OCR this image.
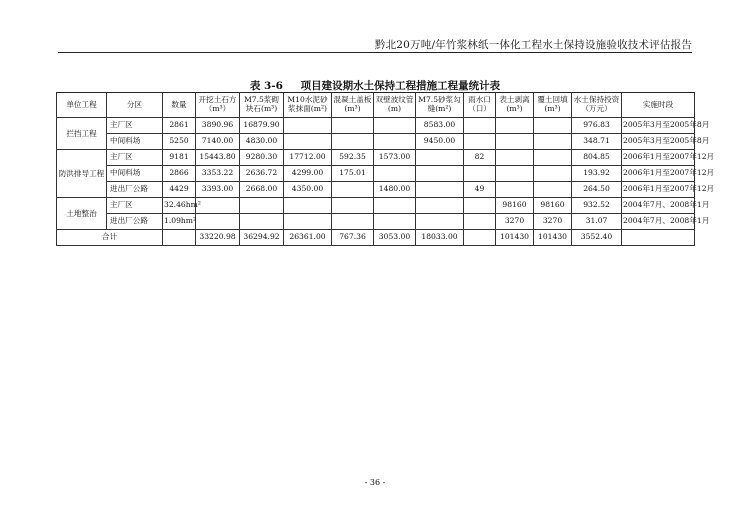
黔北20万吨/年竹浆林纸一体化工程水土保持设施验收技术评估报告
表 3-6 项目建设期水土保持工程措施工程量统计表
单位工程	分区	数量	开挖土石方（m³）	M7.5浆砌块石(m³)	M10水泥砂浆抹面(m²)	混凝土盖板(m³)	双壁波纹管(m)	M7.5砂浆勾缝(m²)	雨水口（口）	表土剥离(m³)	覆土回填(m³)	水土保持投资（万元）	实施时段
拦挡工程	主厂区	2861	3890.96	16879.90				8583.00				976.83	2005年3月至2005年8月
	中间料场	5250	7140.00	4830.00				9450.00				348.71	2005年3月至2005年8月
防洪排导工程	主厂区	9181	15443.80	9280.30	17712.00	592.35	1573.00		82			804.85	2006年1月至2007年12月
	中间料场	2866	3353.22	2636.72	4299.00	175.01						193.92	2006年1月至2007年12月
	进出厂公路	4429	3393.00	2668.00	4350.00		1480.00		49			264.50	2006年1月至2007年12月
土地整治	主厂区	32.46hm²								98160	98160	932.52	2004年7月、2008年1月
	进出厂公路	1.09hm²								3270	3270	31.07	2004年7月、2008年1月
合计			33220.98	36294.92	26361.00	767.36	3053.00	18033.00		101430	101430	3552.40	
- 36 -
